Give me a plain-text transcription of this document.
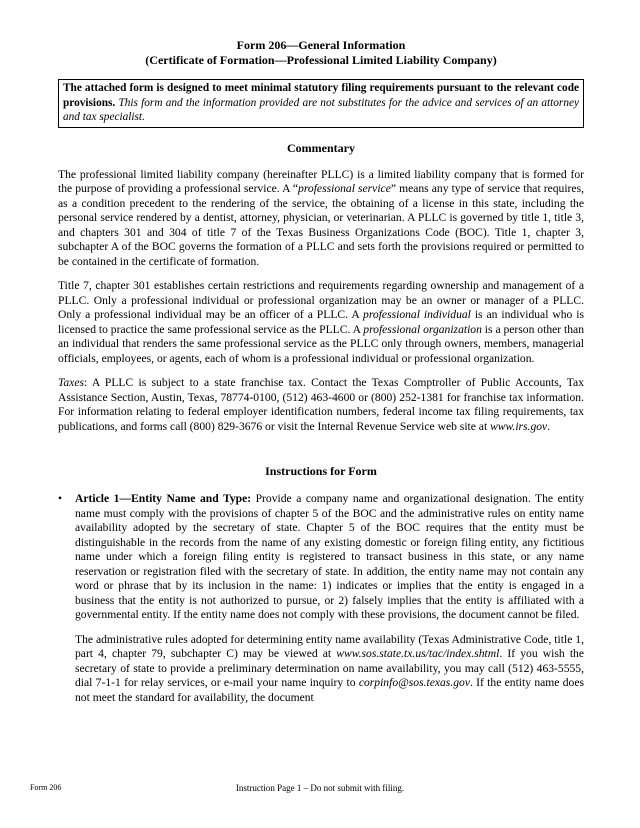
Form 206—General Information
(Certificate of Formation—Professional Limited Liability Company)
The attached form is designed to meet minimal statutory filing requirements pursuant to the relevant code provisions. This form and the information provided are not substitutes for the advice and services of an attorney and tax specialist.
Commentary

The professional limited liability company (hereinafter PLLC) is a limited liability company that is formed for the purpose of providing a professional service. A “professional service” means any type of service that requires, as a condition precedent to the rendering of the service, the obtaining of a license in this state, including the personal service rendered by a dentist, attorney, physician, or veterinarian. A PLLC is governed by title 1, title 3, and chapters 301 and 304 of title 7 of the Texas Business Organizations Code (BOC). Title 1, chapter 3, subchapter A of the BOC governs the formation of a PLLC and sets forth the provisions required or permitted to be contained in the certificate of formation.

Title 7, chapter 301 establishes certain restrictions and requirements regarding ownership and management of a PLLC. Only a professional individual or professional organization may be an owner or manager of a PLLC. Only a professional individual may be an officer of a PLLC. A professional individual is an individual who is licensed to practice the same professional service as the PLLC. A professional organization is a person other than an individual that renders the same professional service as the PLLC only through owners, members, managerial officials, employees, or agents, each of whom is a professional individual or professional organization.

Taxes: A PLLC is subject to a state franchise tax. Contact the Texas Comptroller of Public Accounts, Tax Assistance Section, Austin, Texas, 78774-0100, (512) 463-4600 or (800) 252-1381 for franchise tax information. For information relating to federal employer identification numbers, federal income tax filing requirements, tax publications, and forms call (800) 829-3676 or visit the Internal Revenue Service web site at www.irs.gov.

Instructions for Form
• Article 1—Entity Name and Type: Provide a company name and organizational designation. The entity name must comply with the provisions of chapter 5 of the BOC and the administrative rules on entity name availability adopted by the secretary of state. Chapter 5 of the BOC requires that the entity must be distinguishable in the records from the name of any existing domestic or foreign filing entity, any fictitious name under which a foreign filing entity is registered to transact business in this state, or any name reservation or registration filed with the secretary of state. In addition, the entity name may not contain any word or phrase that by its inclusion in the name: 1) indicates or implies that the entity is engaged in a business that the entity is not authorized to pursue, or 2) falsely implies that the entity is affiliated with a governmental entity. If the entity name does not comply with these provisions, the document cannot be filed.

The administrative rules adopted for determining entity name availability (Texas Administrative Code, title 1, part 4, chapter 79, subchapter C) may be viewed at www.sos.state.tx.us/tac/index.shtml. If you wish the secretary of state to provide a preliminary determination on name availability, you may call (512) 463-5555, dial 7-1-1 for relay services, or e-mail your name inquiry to corpinfo@sos.texas.gov. If the entity name does not meet the standard for availability, the document

Form 206	Instruction Page 1 – Do not submit with filing.
